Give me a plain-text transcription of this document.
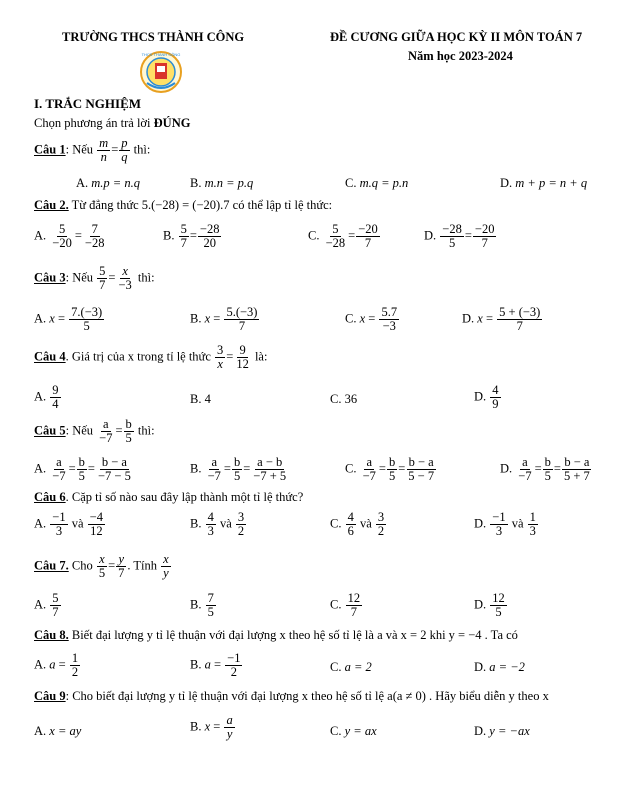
TRƯỜNG THCS THÀNH CÔNG	ĐỀ CƯƠNG GIỮA HỌC KỲ II MÔN TOÁN 7
Năm học 2023-2024
THCS THÀNH CÔNG
I. TRẮC NGHIỆM
Chọn phương án trả lời ĐÚNG
Câu 1: Nếu $\frac{m}{n} = \frac{p}{q}$ thì:
A. m.p = n.q	B. m.n = p.q	C. m.q = p.n	D. m + p = n + q
Câu 2. Từ đẳng thức 5.(−28) = (−20).7 có thể lập tỉ lệ thức:
A. $\frac{5}{-20} = \frac{7}{-28}$	B. $\frac{5}{7} = \frac{-28}{20}$	C. $\frac{5}{-28} = \frac{-20}{7}$	D. $\frac{-28}{5} = \frac{-20}{7}$
Câu 3: Nếu $\frac{5}{7} = \frac{x}{-3}$ thì:
A. $x = \frac{7.(-3)}{5}$	B. $x = \frac{5.(-3)}{7}$	C. $x = \frac{5.7}{-3}$	D. $x = \frac{5 + (-3)}{7}$
Câu 4. Giá trị của x trong tỉ lệ thức $\frac{3}{x} = \frac{9}{12}$ là:
A. $\frac{9}{4}$	B. 4	C. 36	D. $\frac{4}{9}$
Câu 5: Nếu $\frac{a}{-7} = \frac{b}{5}$ thì:
A. $\frac{a}{-7} = \frac{b}{5} = \frac{b - a}{-7 - 5}$	B. $\frac{a}{-7} = \frac{b}{5} = \frac{a - b}{-7 + 5}$	C. $\frac{a}{-7} = \frac{b}{5} = \frac{b - a}{5 - 7}$	D. $\frac{a}{-7} = \frac{b}{5} = \frac{b - a}{5 + 7}$
Câu 6. Cặp tỉ số nào sau đây lập thành một tỉ lệ thức?
A. $\frac{-1}{3}$ và $\frac{-4}{12}$	B. $\frac{4}{3}$ và $\frac{3}{2}$	C. $\frac{4}{6}$ và $\frac{3}{2}$	D. $\frac{-1}{3}$ và $\frac{1}{3}$
Câu 7. Cho $\frac{x}{5} = \frac{y}{7}$ . Tính $\frac{x}{y}$
A. $\frac{5}{7}$	B. $\frac{7}{5}$	C. $\frac{12}{7}$	D. $\frac{12}{5}$
Câu 8. Biết đại lượng y tỉ lệ thuận với đại lượng x theo hệ số tỉ lệ là a và x = 2 khi y = −4 . Ta có
A. $a = \frac{1}{2}$	B. $a = \frac{-1}{2}$	C. a = 2	D. a = −2
Câu 9: Cho biết đại lượng y tỉ lệ thuận với đại lượng x theo hệ số tỉ lệ a(a ≠ 0) . Hãy biểu diễn y theo x
A. x = ay	B. $x = \frac{a}{y}$	C. y = ax	D. y = −ax
